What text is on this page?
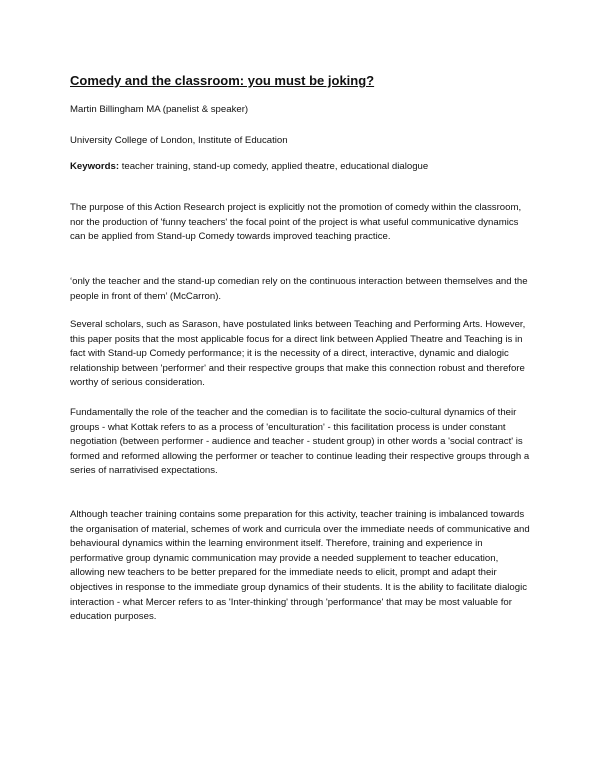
Comedy and the classroom: you must be joking?
Martin Billingham MA (panelist & speaker)
University College of London, Institute of Education
Keywords: teacher training, stand-up comedy, applied theatre, educational dialogue
The purpose of this Action Research project is explicitly not the promotion of comedy within the classroom, nor the production of 'funny teachers' the focal point of the project is what useful communicative dynamics can be applied from Stand-up Comedy towards improved teaching practice.
‘only the teacher and the stand-up comedian rely on the continuous interaction between themselves and the people in front of them’ (McCarron).
Several scholars, such as Sarason, have postulated links between Teaching and Performing Arts. However, this paper posits that the most applicable focus for a direct link between Applied Theatre and Teaching is in fact with Stand-up Comedy performance; it is the necessity of a direct, interactive, dynamic and dialogic relationship between 'performer' and their respective groups that make this connection robust and therefore worthy of serious consideration.
Fundamentally the role of the teacher and the comedian is to facilitate the socio-cultural dynamics of their groups - what Kottak refers to as a process of 'enculturation' - this facilitation process is under constant negotiation (between performer - audience and teacher - student group) in other words a 'social contract' is formed and reformed allowing the performer or teacher to continue leading their respective groups through a series of narrativised expectations.
Although teacher training contains some preparation for this activity, teacher training is imbalanced towards the organisation of material, schemes of work and curricula over the immediate needs of communicative and behavioural dynamics within the learning environment itself. Therefore, training and experience in performative group dynamic communication may provide a needed supplement to teacher education, allowing new teachers to be better prepared for the immediate needs to elicit, prompt and adapt their objectives in response to the immediate group dynamics of their students. It is the ability to facilitate dialogic interaction - what Mercer refers to as 'Inter-thinking' through 'performance' that may be most valuable for education purposes.
